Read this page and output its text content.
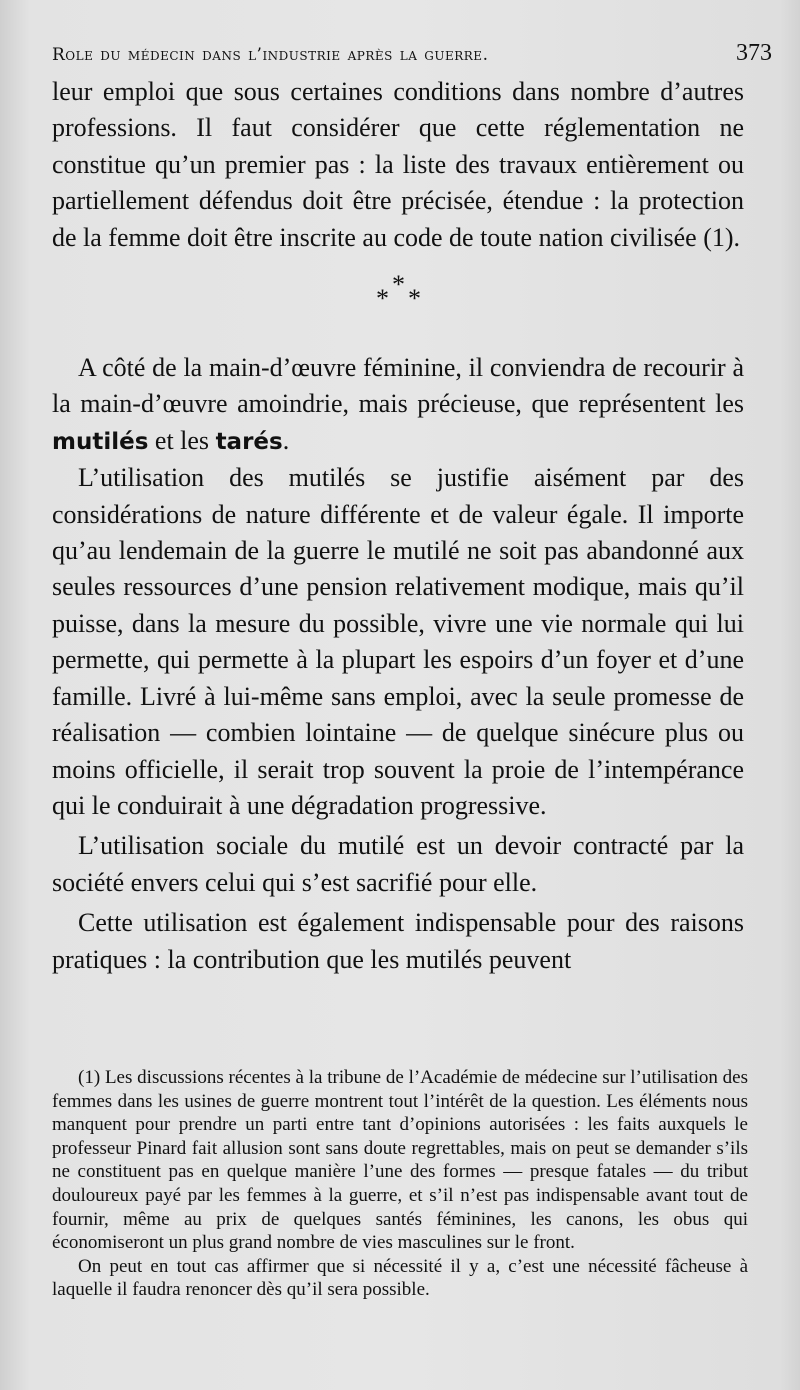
Role du médecin dans l’industrie après la guerre.	373

leur emploi que sous certaines conditions dans nombre d’autres professions. Il faut considérer que cette réglementation ne constitue qu’un premier pas : la liste des travaux entièrement ou partiellement défendus doit être précisée, étendue : la protection de la femme doit être inscrite au code de toute nation civilisée (1).

*
* *

A côté de la main-d’œuvre féminine, il conviendra de recourir à la main-d’œuvre amoindrie, mais précieuse, que représentent les mutilés et les tarés.

L’utilisation des mutilés se justifie aisément par des considérations de nature différente et de valeur égale. Il importe qu’au lendemain de la guerre le mutilé ne soit pas abandonné aux seules ressources d’une pension relativement modique, mais qu’il puisse, dans la mesure du possible, vivre une vie normale qui lui permette, qui permette à la plupart les espoirs d’un foyer et d’une famille. Livré à lui-même sans emploi, avec la seule promesse de réalisation — combien lointaine — de quelque sinécure plus ou moins officielle, il serait trop souvent la proie de l’intempérance qui le conduirait à une dégradation progressive.

L’utilisation sociale du mutilé est un devoir contracté par la société envers celui qui s’est sacrifié pour elle.

Cette utilisation est également indispensable pour des raisons pratiques : la contribution que les mutilés peuvent

(1) Les discussions récentes à la tribune de l’Académie de médecine sur l’utilisation des femmes dans les usines de guerre montrent tout l’intérêt de la question. Les éléments nous manquent pour prendre un parti entre tant d’opinions autorisées : les faits auxquels le professeur Pinard fait allusion sont sans doute regrettables, mais on peut se demander s’ils ne constituent pas en quelque manière l’une des formes — presque fatales — du tribut douloureux payé par les femmes à la guerre, et s’il n’est pas indispensable avant tout de fournir, même au prix de quelques santés féminines, les canons, les obus qui économiseront un plus grand nombre de vies masculines sur le front.

On peut en tout cas affirmer que si nécessité il y a, c’est une nécessité fâcheuse à laquelle il faudra renoncer dès qu’il sera possible.
